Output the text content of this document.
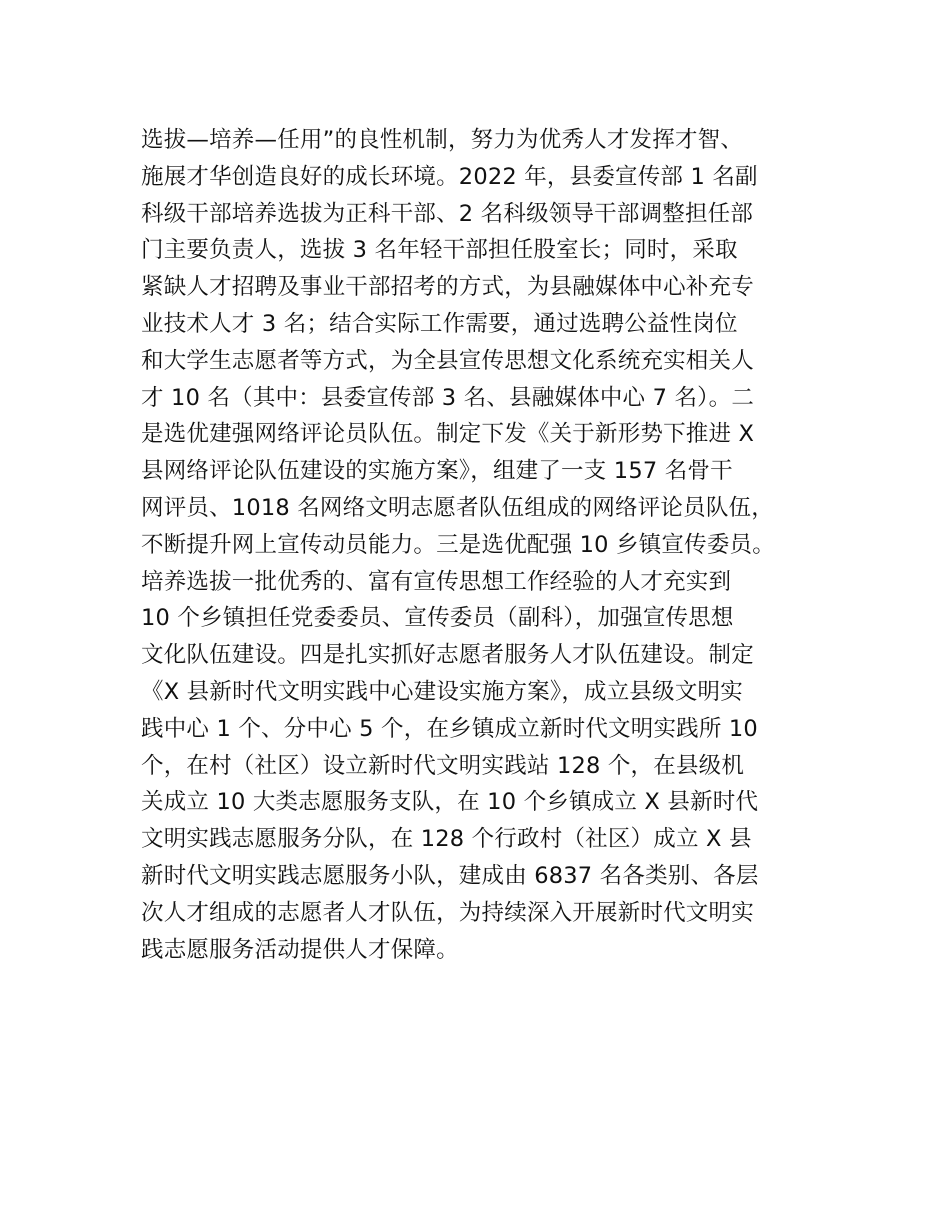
选拔—培养—任用”的良性机制，努力为优秀人才发挥才智、
施展才华创造良好的成长环境。2022 年，县委宣传部 1 名副
科级干部培养选拔为正科干部、2 名科级领导干部调整担任部
门主要负责人，选拔 3 名年轻干部担任股室长；同时，采取
紧缺人才招聘及事业干部招考的方式，为县融媒体中心补充专
业技术人才 3 名；结合实际工作需要，通过选聘公益性岗位
和大学生志愿者等方式，为全县宣传思想文化系统充实相关人
才 10 名（其中：县委宣传部 3 名、县融媒体中心 7 名）。二
是选优建强网络评论员队伍。制定下发《关于新形势下推进 X
县网络评论队伍建设的实施方案》，组建了一支 157 名骨干
网评员、1018 名网络文明志愿者队伍组成的网络评论员队伍，
不断提升网上宣传动员能力。三是选优配强 10 乡镇宣传委员。
培养选拔一批优秀的、富有宣传思想工作经验的人才充实到
10 个乡镇担任党委委员、宣传委员（副科），加强宣传思想
文化队伍建设。四是扎实抓好志愿者服务人才队伍建设。制定
《X 县新时代文明实践中心建设实施方案》，成立县级文明实
践中心 1 个、分中心 5 个，在乡镇成立新时代文明实践所 10
个，在村（社区）设立新时代文明实践站 128 个，在县级机
关成立 10 大类志愿服务支队，在 10 个乡镇成立 X 县新时代
文明实践志愿服务分队，在 128 个行政村（社区）成立 X 县
新时代文明实践志愿服务小队，建成由 6837 名各类别、各层
次人才组成的志愿者人才队伍，为持续深入开展新时代文明实
践志愿服务活动提供人才保障。
